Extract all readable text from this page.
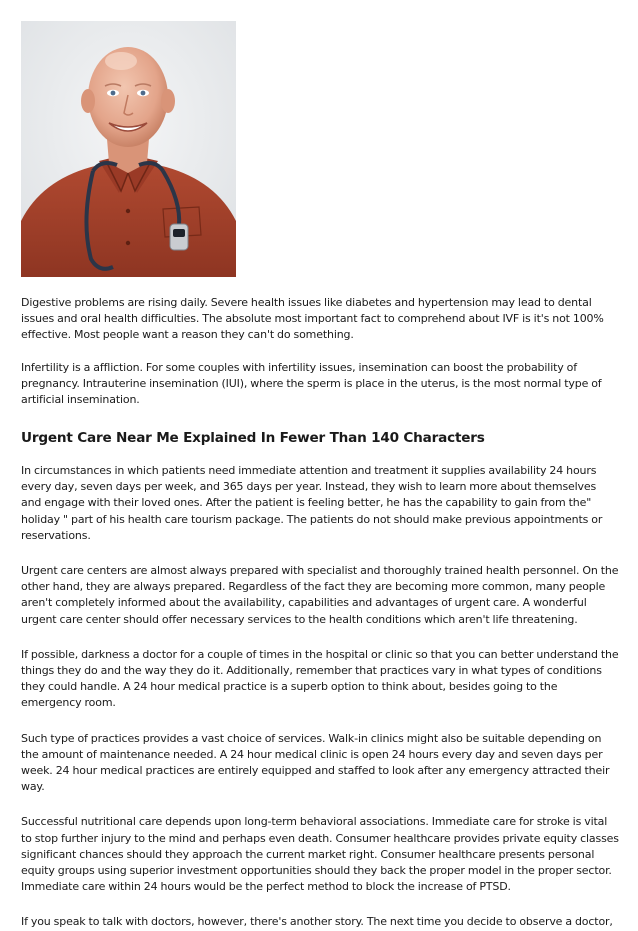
Digestive problems are rising daily. Severe health issues like diabetes and hypertension may lead to dental issues and oral health difficulties. The absolute most important fact to comprehend about IVF is it's not 100% effective. Most people want a reason they can't do something.

Infertility is a affliction. For some couples with infertility issues, insemination can boost the probability of pregnancy. Intrauterine insemination (IUI), where the sperm is place in the uterus, is the most normal type of artificial insemination.

Urgent Care Near Me Explained In Fewer Than 140 Characters

In circumstances in which patients need immediate attention and treatment it supplies availability 24 hours every day, seven days per week, and 365 days per year. Instead, they wish to learn more about themselves and engage with their loved ones. After the patient is feeling better, he has the capability to gain from the" holiday " part of his health care tourism package. The patients do not should make previous appointments or reservations.

Urgent care centers are almost always prepared with specialist and thoroughly trained health personnel. On the other hand, they are always prepared. Regardless of the fact they are becoming more common, many people aren't completely informed about the availability, capabilities and advantages of urgent care. A wonderful urgent care center should offer necessary services to the health conditions which aren't life threatening.

If possible, darkness a doctor for a couple of times in the hospital or clinic so that you can better understand the things they do and the way they do it. Additionally, remember that practices vary in what types of conditions they could handle. A 24 hour medical practice is a superb option to think about, besides going to the emergency room.

Such type of practices provides a vast choice of services. Walk-in clinics might also be suitable depending on the amount of maintenance needed. A 24 hour medical clinic is open 24 hours every day and seven days per week. 24 hour medical practices are entirely equipped and staffed to look after any emergency attracted their way.

Successful nutritional care depends upon long-term behavioral associations. Immediate care for stroke is vital to stop further injury to the mind and perhaps even death. Consumer healthcare provides private equity classes significant chances should they approach the current market right. Consumer healthcare presents personal equity groups using superior investment opportunities should they back the proper model in the proper sector. Immediate care within 24 hours would be the perfect method to block the increase of PTSD.

If you speak to talk with doctors, however, there's another story. The next time you decide to observe a doctor,
